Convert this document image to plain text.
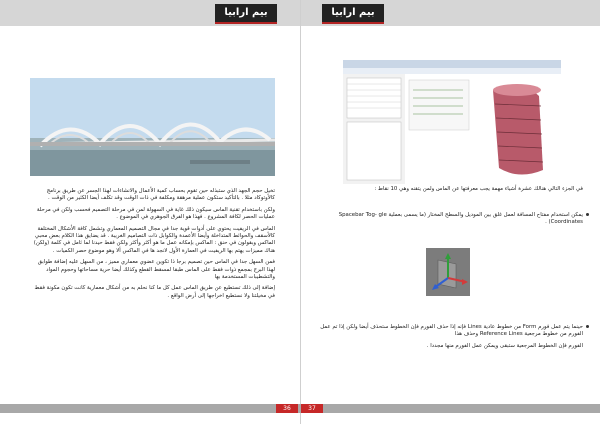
بيم ارابيا

تخيل حجم الجهد الذي ستبذله حين تقوم بحساب كمية الأعمال والانشاءات لهذا الجسر عن طريق برنامج كالأوتوكاد مثلا . بالتأكيد ستكون عملية مرهقة ومكلفة في ذات الوقت وقد تكلف أيضا الكثير من الوقت .

ولكن باستخدام تقنية الماس سيكون ذلك غاية في السهولة لمن في مرحلة التصميم فحسب ولكن في مرحلة عمليات الحصر لكافة المشروع . فهذا هو الفرق الجوهري في الموضوع .

الماس في الريفيت يحتوي على أدوات قوية جدا في مجال التصميم المعماري وتشمل كافة الأشكال المختلفة كالأسقف والحوائط المتداخلة وأيضا الأعمدة والكوابل ذات التصاميم الغريبة . قد يضايق هذا الكلام بعض محبي الماكس وبقولون في حنق : الماكس بإمكانه عمل ما هو أكثر وأكثر ولكن فقط حيدنا لما ثامل في كلمة (ولكن) هناك مميزات يهتم بها الريفيت في العمارة الأول لانجد ها في الماكس ألا وهو موضوع حصر الكميات .

فمن السهل جدا في الماس حين تصميم برجا ذا تكوين عضوي معماري مميز ، من السهل عليه إضافة طوابق لهذا البرج بمجمع ذوات فقط على الماس طبقا لمسقط القطع وكذلك أيضا حرية مساحاتها وحجوم المواد والتشطيبات المستخدمة بها

إضافة إلى ذلك تستطيع عن طريق الماس عمل كل ما كنا نحلم به من أشكال معمارية كانت تكون مكونة فقط في مخيلتنا ولا نستطيع اخراجها إلى أرض الواقع .

بيم ارابيا
في الجزء التالي هنالك عشرة أشياء مهمة يجب معرفتها عن الماس ولمن يتقنه وهي 10 نقاط :
يمكن استخدام مفتاح المسافة لعمل غلق بين الموديل والسطح المختار (ما يسمى بعملية Spacebar Tog- gle Coordinates) .

حينما يتم عمل فورم Form من خطوط عادية Lines فإنه إذا حذف الفورم فإن الخطوط ستحذف أيضا ولكن إذا تم عمل الفورم من خطوط مرجعية Reference Lines وحذف هذا

الفورم فإن الخطوط المرجعية ستبقى ويمكن عمل الفورم منها مجددا .

36	37
